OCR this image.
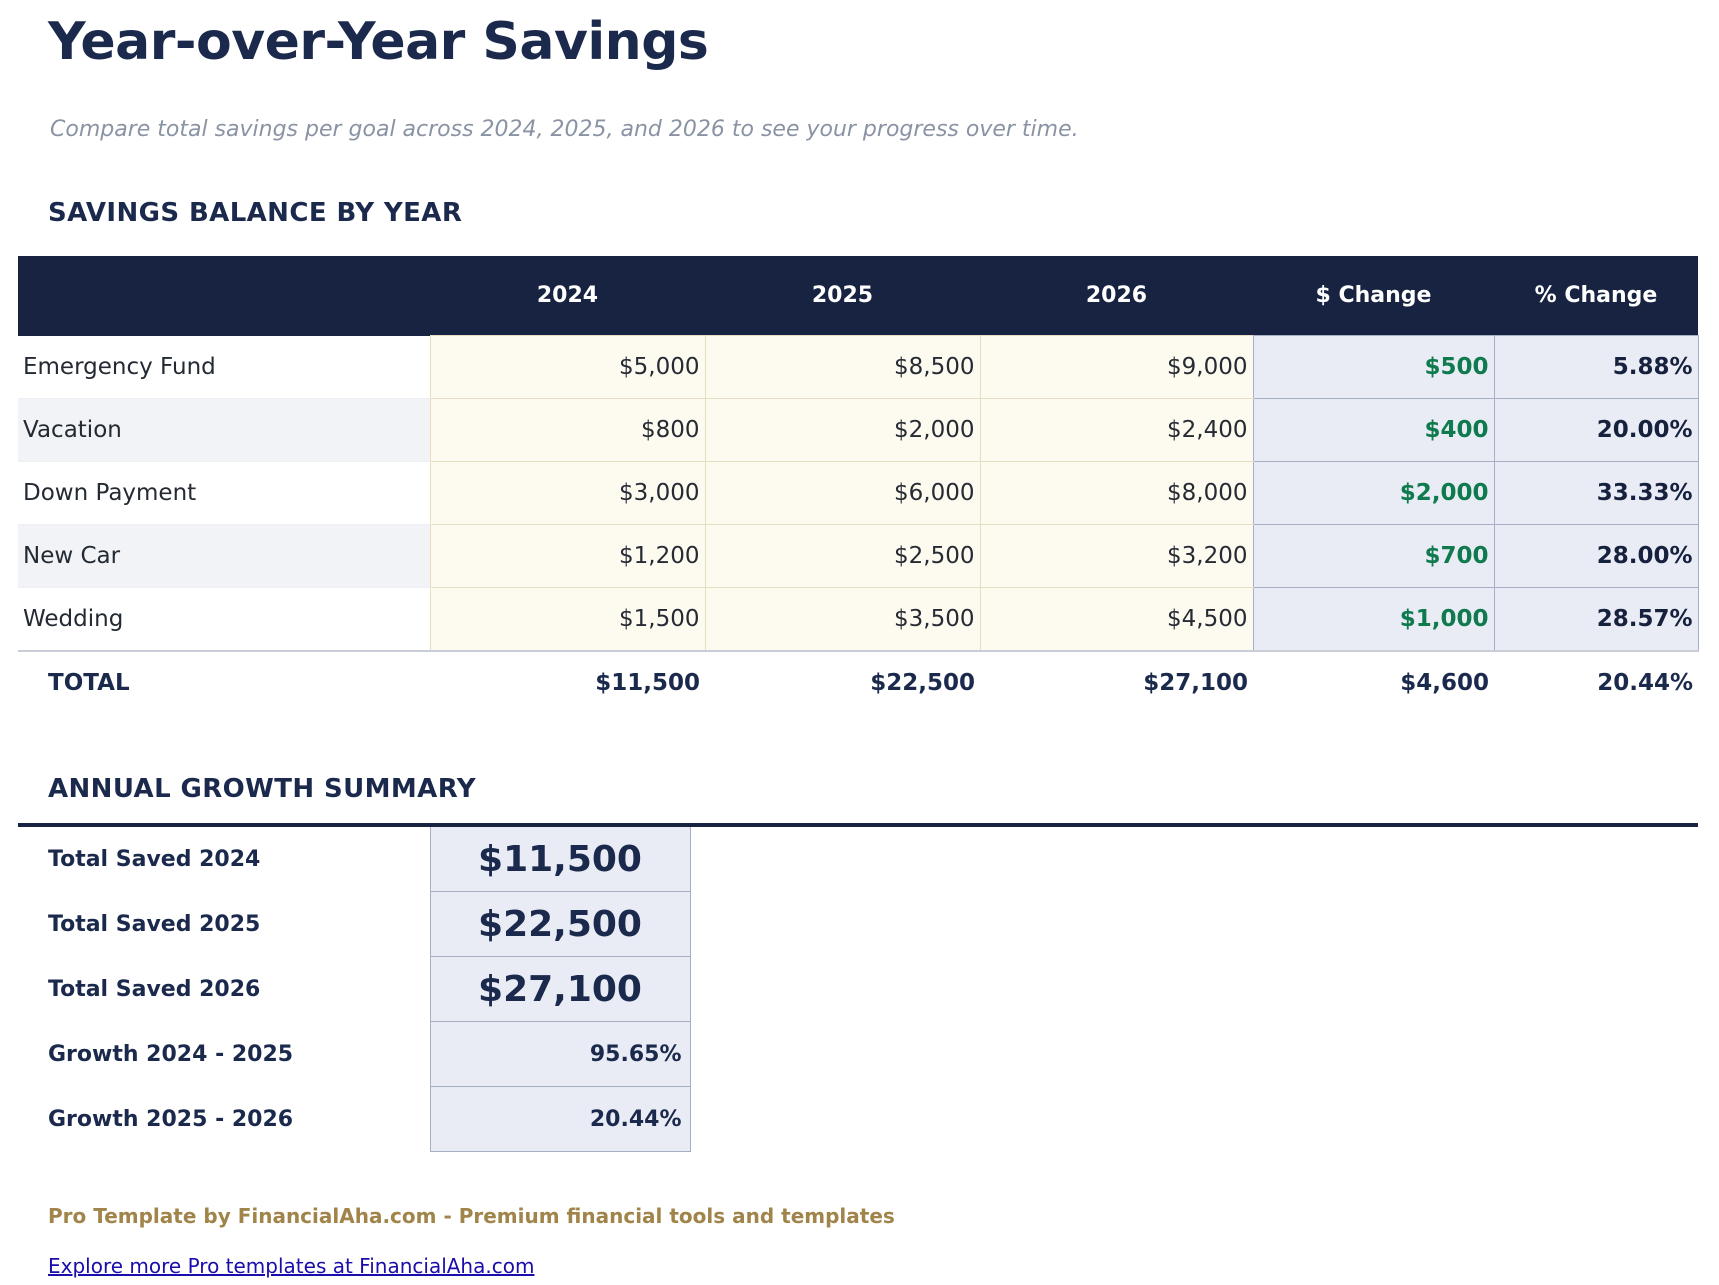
Year-over-Year Savings
Compare total savings per goal across 2024, 2025, and 2026 to see your progress over time.
SAVINGS BALANCE BY YEAR
	2024	2025	2026	$ Change	% Change
Emergency Fund	$5,000	$8,500	$9,000	$500	5.88%
Vacation	$800	$2,000	$2,400	$400	20.00%
Down Payment	$3,000	$6,000	$8,000	$2,000	33.33%
New Car	$1,200	$2,500	$3,200	$700	28.00%
Wedding	$1,500	$3,500	$4,500	$1,000	28.57%
TOTAL	$11,500	$22,500	$27,100	$4,600	20.44%
ANNUAL GROWTH SUMMARY
Total Saved 2024	$11,500
Total Saved 2025	$22,500
Total Saved 2026	$27,100
Growth 2024 - 2025	95.65%
Growth 2025 - 2026	20.44%
Pro Template by FinancialAha.com - Premium financial tools and templates
Explore more Pro templates at FinancialAha.com
